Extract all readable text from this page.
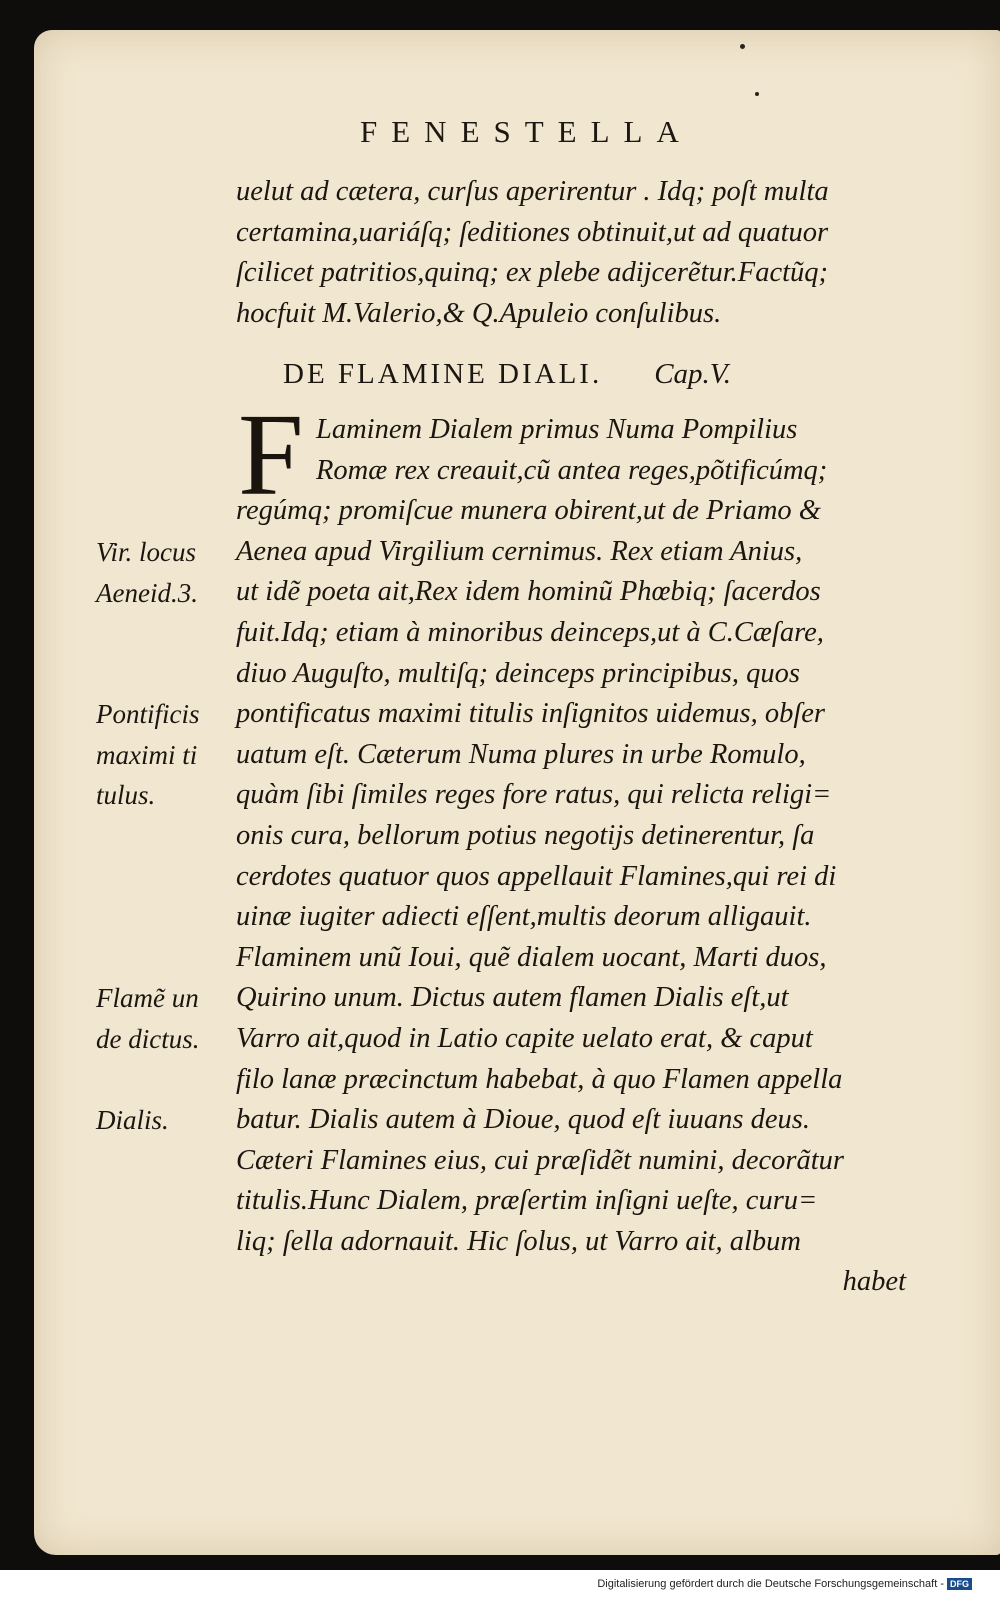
FENESTELLA
uelut ad cætera, curſus aperirentur . Idq; poſt multa
certamina,uariáſq; ſeditiones obtinuit,ut ad quatuor
ſcilicet patritios,quinq; ex plebe adijcerẽtur.Factũq;
hocfuit M.Valerio,& Q.Apuleio conſulibus.
DE FLAMINE DIALI. Cap.V.
F Laminem Dialem primus Numa Pompilius
Romæ rex creauit,cũ antea reges,põtificúmq;
regúmq; promiſcue munera obirent,ut de Priamo &
Aenea apud Virgilium cernimus. Rex etiam Anius,
ut idẽ poeta ait,Rex idem hominũ Phœbiq; ſacerdos
fuit.Idq; etiam à minoribus deinceps,ut à C.Cæſare,
diuo Auguſto, multiſq; deinceps principibus, quos
pontificatus maximi titulis inſignitos uidemus, obſer
uatum eſt. Cæterum Numa plures in urbe Romulo,
quàm ſibi ſimiles reges fore ratus, qui relicta religi=
onis cura, bellorum potius negotijs detinerentur, ſa
cerdotes quatuor quos appellauit Flamines,qui rei di
uinæ iugiter adiecti eſſent,multis deorum alligauit.
Flaminem unũ Ioui, quẽ dialem uocant, Marti duos,
Quirino unum. Dictus autem flamen Dialis eſt,ut
Varro ait,quod in Latio capite uelato erat, & caput
filo lanæ præcinctum habebat, à quo Flamen appella
batur. Dialis autem à Dioue, quod eſt iuuans deus.
Cæteri Flamines eius, cui præſidẽt numini, decorãtur
titulis.Hunc Dialem, præſertim inſigni ueſte, curu=
liq; ſella adornauit. Hic ſolus, ut Varro ait, album
habet
Vir. locus
Aeneid.3.
Pontificis
maximi ti
tulus.
Flamẽ un
de dictus.
Dialis.
Digitalisierung gefördert durch die Deutsche Forschungsgemeinschaft - DFG
